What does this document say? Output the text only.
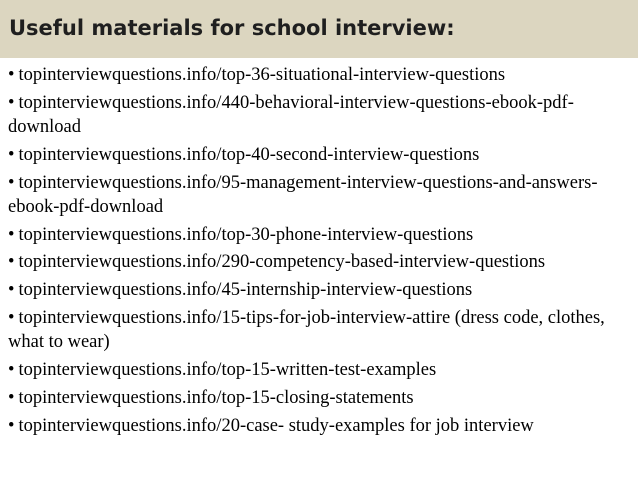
Useful materials for school interview:
• topinterviewquestions.info/top-36-situational-interview-questions
• topinterviewquestions.info/440-behavioral-interview-questions-ebook-pdf-download
• topinterviewquestions.info/top-40-second-interview-questions
• topinterviewquestions.info/95-management-interview-questions-and-answers-ebook-pdf-download
• topinterviewquestions.info/top-30-phone-interview-questions
• topinterviewquestions.info/290-competency-based-interview-questions
• topinterviewquestions.info/45-internship-interview-questions
• topinterviewquestions.info/15-tips-for-job-interview-attire (dress code, clothes, what to wear)
• topinterviewquestions.info/top-15-written-test-examples
• topinterviewquestions.info/top-15-closing-statements
• topinterviewquestions.info/20-case- study-examples for job interview
